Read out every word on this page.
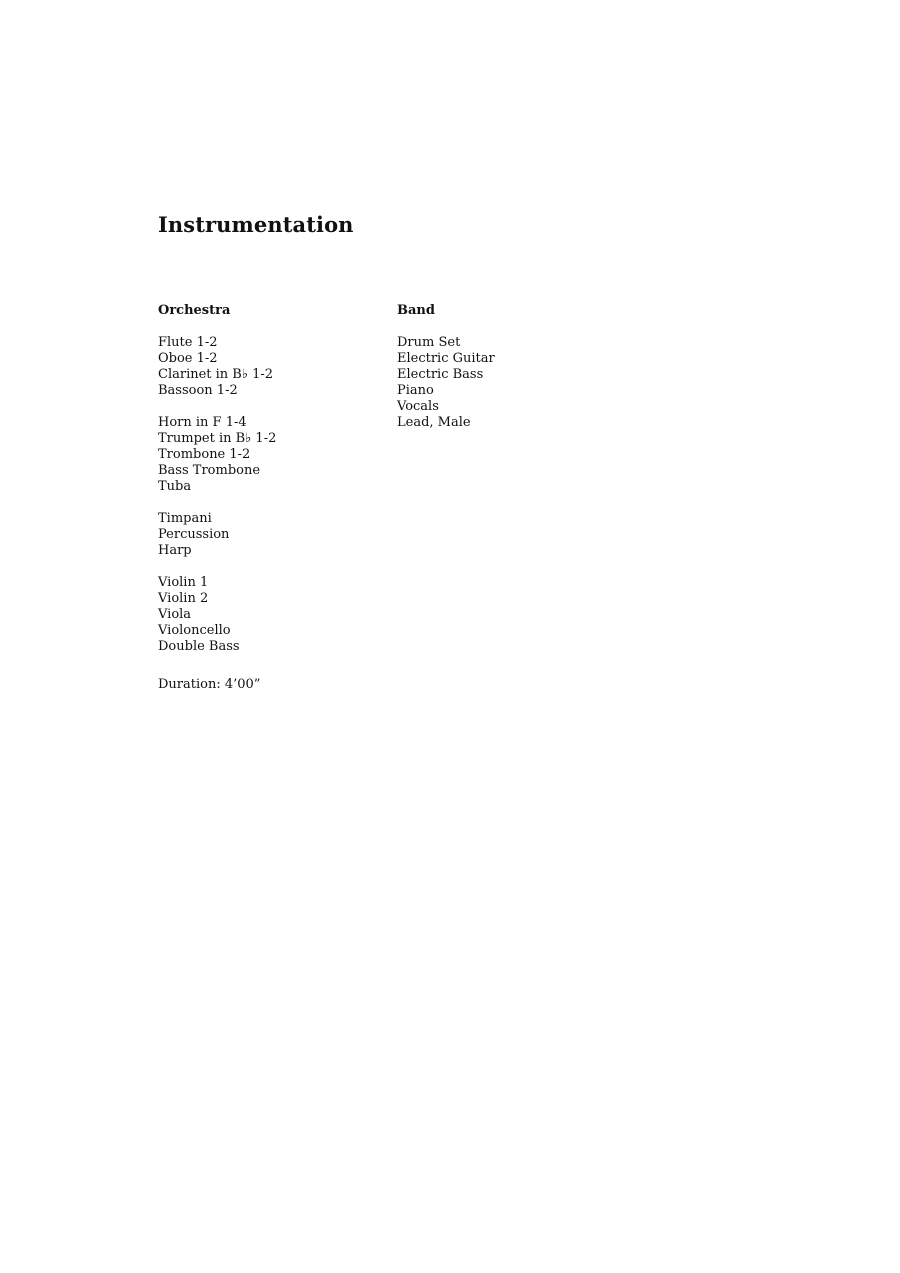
Instrumentation
Orchestra
Flute 1-2
Oboe 1-2
Clarinet in B♭ 1-2
Bassoon 1-2
Horn in F 1-4
Trumpet in B♭ 1-2
Trombone 1-2
Bass Trombone
Tuba
Timpani
Percussion
Harp
Violin 1
Violin 2
Viola
Violoncello
Double Bass
Duration: 4’00”
Band
Drum Set
Electric Guitar
Electric Bass
Piano
Vocals
Lead, Male
